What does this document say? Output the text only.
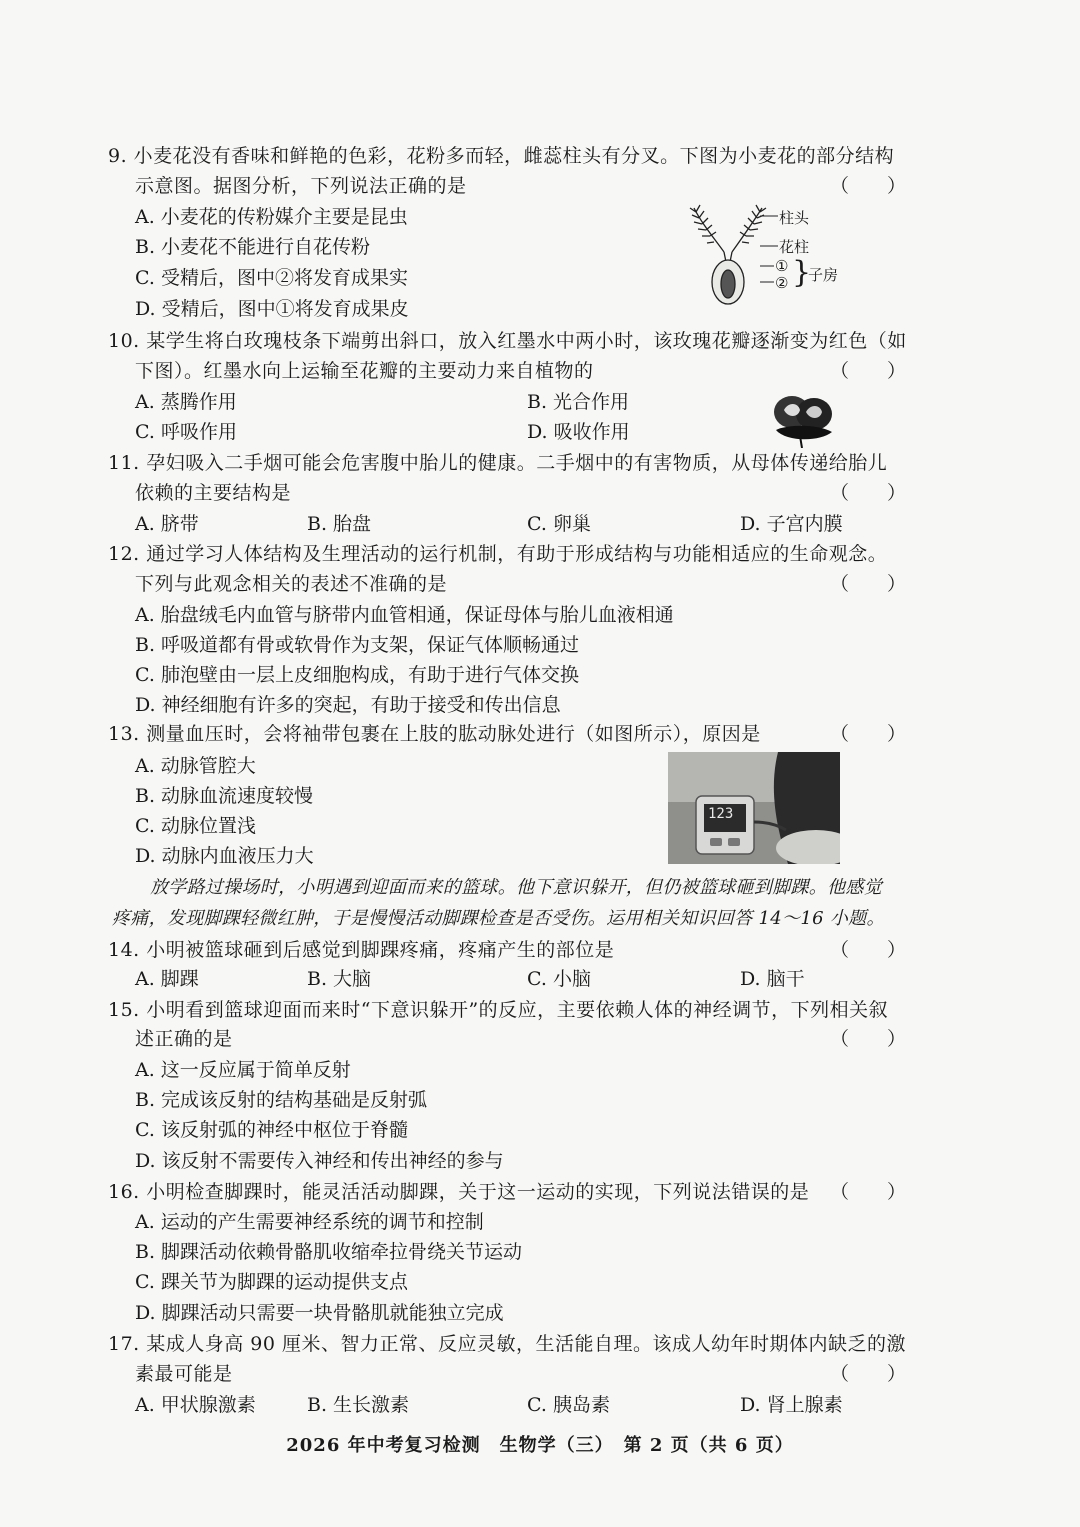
9. 小麦花没有香味和鲜艳的色彩，花粉多而轻，雌蕊柱头有分叉。下图为小麦花的部分结构
示意图。据图分析，下列说法正确的是	（　　）
A. 小麦花的传粉媒介主要是昆虫
B. 小麦花不能进行自花传粉
C. 受精后，图中②将发育成果实
D. 受精后，图中①将发育成果皮
柱头
花柱
①
② }
子房
10. 某学生将白玫瑰枝条下端剪出斜口，放入红墨水中两小时，该玫瑰花瓣逐渐变为红色（如
下图）。红墨水向上运输至花瓣的主要动力来自植物的	（　　）
A. 蒸腾作用	B. 光合作用
C. 呼吸作用	D. 吸收作用
11. 孕妇吸入二手烟可能会危害腹中胎儿的健康。二手烟中的有害物质，从母体传递给胎儿
依赖的主要结构是	（　　）
A. 脐带	B. 胎盘	C. 卵巢	D. 子宫内膜
12. 通过学习人体结构及生理活动的运行机制，有助于形成结构与功能相适应的生命观念。
下列与此观念相关的表述不准确的是	（　　）
A. 胎盘绒毛内血管与脐带内血管相通，保证母体与胎儿血液相通
B. 呼吸道都有骨或软骨作为支架，保证气体顺畅通过
C. 肺泡壁由一层上皮细胞构成，有助于进行气体交换
D. 神经细胞有许多的突起，有助于接受和传出信息
13. 测量血压时，会将袖带包裹在上肢的肱动脉处进行（如图所示），原因是	（　　）
A. 动脉管腔大
B. 动脉血流速度较慢
C. 动脉位置浅
D. 动脉内血液压力大
123
放学路过操场时，小明遇到迎面而来的篮球。他下意识躲开，但仍被篮球砸到脚踝。他感觉
疼痛，发现脚踝轻微红肿，于是慢慢活动脚踝检查是否受伤。运用相关知识回答 14～16 小题。
14. 小明被篮球砸到后感觉到脚踝疼痛，疼痛产生的部位是	（　　）
A. 脚踝	B. 大脑	C. 小脑	D. 脑干
15. 小明看到篮球迎面而来时“下意识躲开”的反应，主要依赖人体的神经调节，下列相关叙
述正确的是	（　　）
A. 这一反应属于简单反射
B. 完成该反射的结构基础是反射弧
C. 该反射弧的神经中枢位于脊髓
D. 该反射不需要传入神经和传出神经的参与
16. 小明检查脚踝时，能灵活活动脚踝，关于这一运动的实现，下列说法错误的是 （　　）
A. 运动的产生需要神经系统的调节和控制
B. 脚踝活动依赖骨骼肌收缩牵拉骨绕关节运动
C. 踝关节为脚踝的运动提供支点
D. 脚踝活动只需要一块骨骼肌就能独立完成
17. 某成人身高 90 厘米、智力正常、反应灵敏，生活能自理。该成人幼年时期体内缺乏的激
素最可能是	（　　）
A. 甲状腺激素	B. 生长激素	C. 胰岛素	D. 肾上腺素
2026 年中考复习检测　生物学（三）　第 2 页（共 6 页）
